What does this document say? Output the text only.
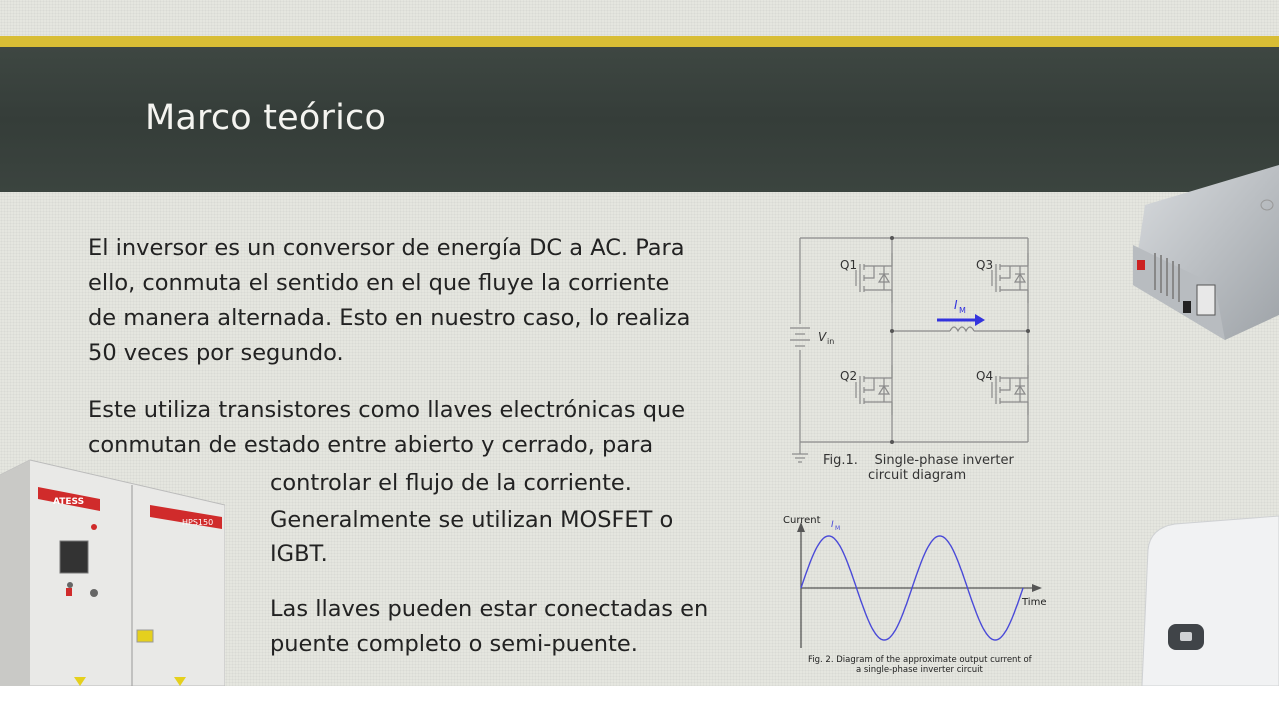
Marco teórico

El inversor es un conversor de energía DC a AC. Para

ello, conmuta el sentido en el que fluye la corriente

de manera alternada. Esto en nuestro caso, lo realiza

50 veces por segundo.

Este utiliza transistores como llaves electrónicas que

conmutan de estado entre abierto y cerrado, para

controlar el flujo de la corriente.

Generalmente se utilizan MOSFET o

IGBT.

Las llaves pueden estar conectadas en

puente completo o semi-puente.

Q1	Q3
Q2	Q4
V in
I M
Fig.1.    Single-phase inverter
circuit diagram
Current
Time
I M
Fig. 2. Diagram of the approximate output current of
a single-phase inverter circuit
ATESS
HPS150
